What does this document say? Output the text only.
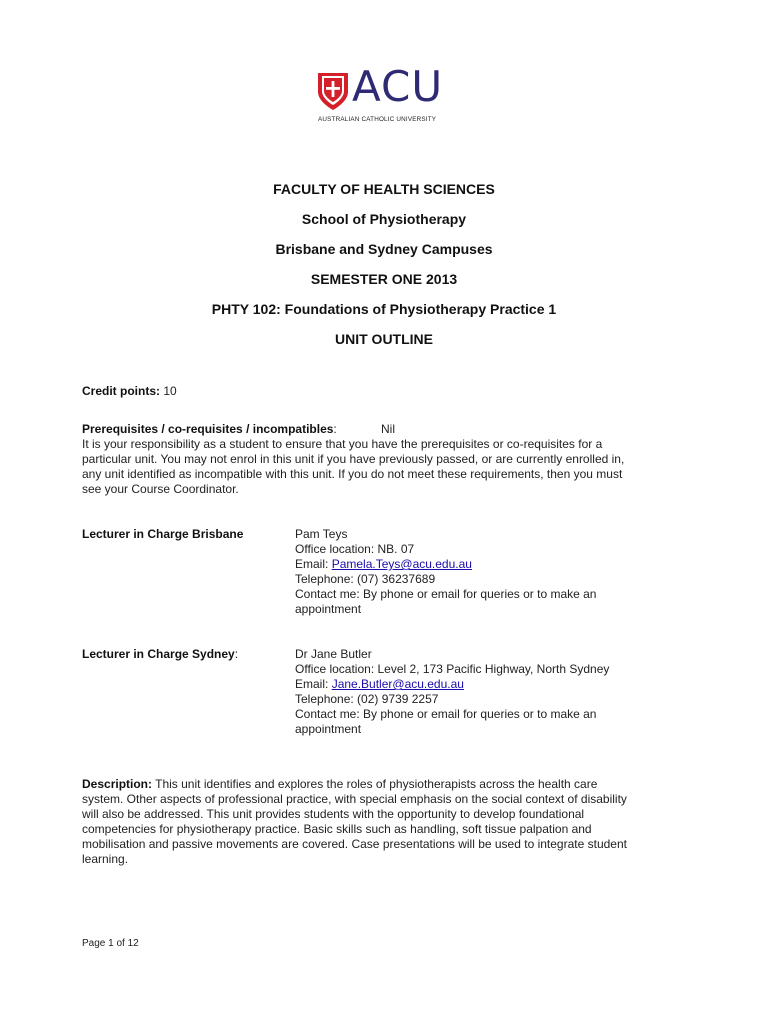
ACU
AUSTRALIAN CATHOLIC UNIVERSITY
FACULTY OF HEALTH SCIENCES
School of Physiotherapy
Brisbane and Sydney Campuses
SEMESTER ONE 2013
PHTY 102: Foundations of Physiotherapy Practice 1
UNIT OUTLINE
Credit points: 10
Prerequisites / co-requisites / incompatibles:	Nil
It is your responsibility as a student to ensure that you have the prerequisites or co-requisites for a
particular unit. You may not enrol in this unit if you have previously passed, or are currently enrolled in,
any unit identified as incompatible with this unit. If you do not meet these requirements, then you must
see your Course Coordinator.
Lecturer in Charge Brisbane	Pam Teys
Office location: NB. 07
Email: Pamela.Teys@acu.edu.au
Telephone: (07) 36237689
Contact me: By phone or email for queries or to make an
appointment
Lecturer in Charge Sydney:	Dr Jane Butler
Office location: Level 2, 173 Pacific Highway, North Sydney
Email: Jane.Butler@acu.edu.au
Telephone: (02) 9739 2257
Contact me: By phone or email for queries or to make an
appointment
Description: This unit identifies and explores the roles of physiotherapists across the health care
system. Other aspects of professional practice, with special emphasis on the social context of disability
will also be addressed. This unit provides students with the opportunity to develop foundational
competencies for physiotherapy practice. Basic skills such as handling, soft tissue palpation and
mobilisation and passive movements are covered. Case presentations will be used to integrate student
learning.
Page 1 of 12
